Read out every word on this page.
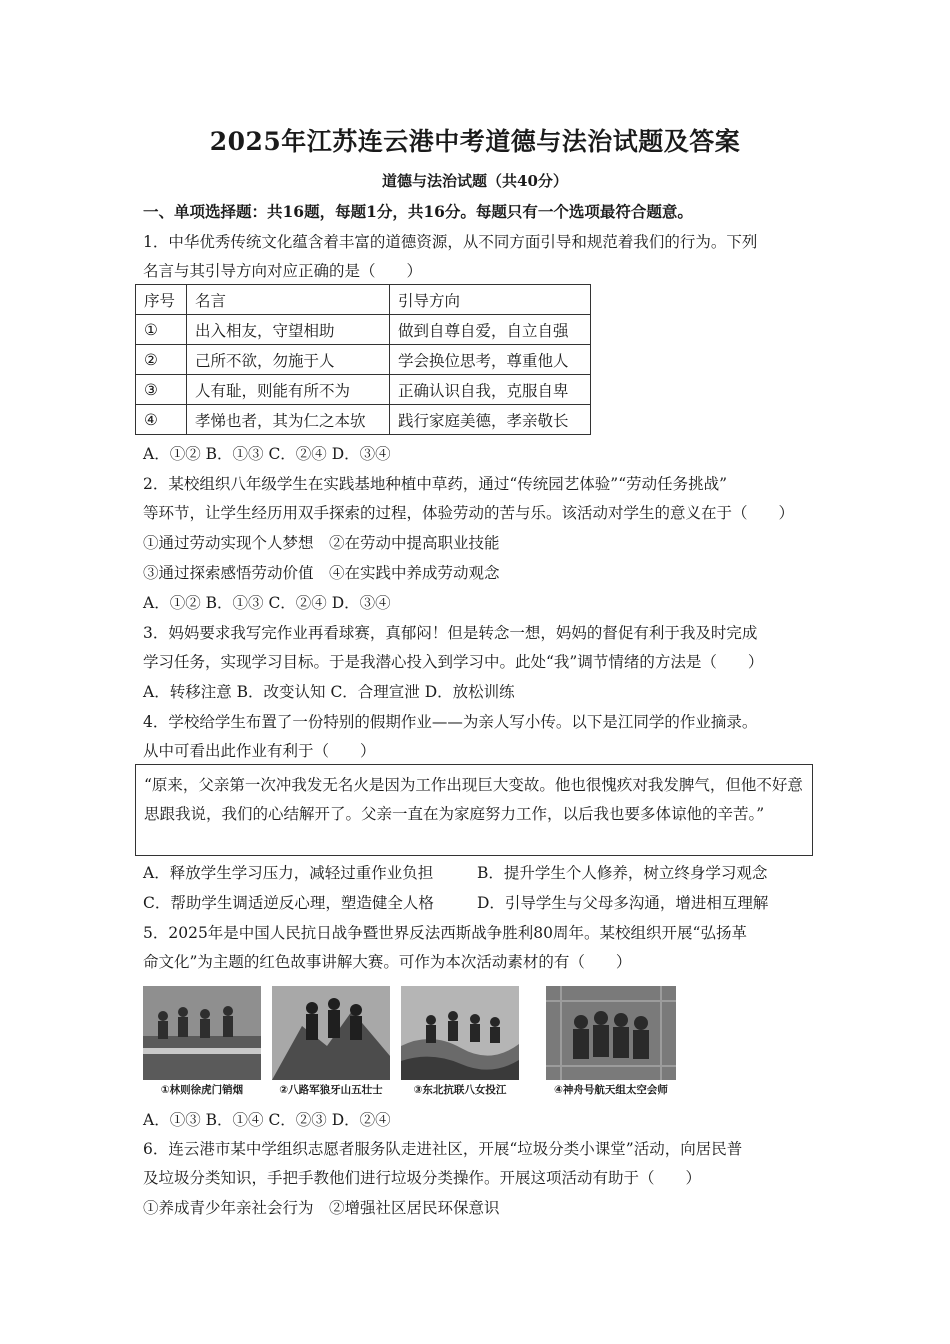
2025年江苏连云港中考道德与法治试题及答案
道德与法治试题（共40分）
一、单项选择题：共16题，每题1分，共16分。每题只有一个选项最符合题意。
1．中华优秀传统文化蕴含着丰富的道德资源，从不同方面引导和规范着我们的行为。下列
名言与其引导方向对应正确的是（　　）
序号	名言	引导方向
①	出入相友，守望相助	做到自尊自爱，自立自强
②	己所不欲，勿施于人	学会换位思考，尊重他人
③	人有耻，则能有所不为	正确认识自我，克服自卑
④	孝悌也者，其为仁之本欤	践行家庭美德，孝亲敬长
A．①② B．①③ C．②④ D．③④
2．某校组织八年级学生在实践基地种植中草药，通过“传统园艺体验”“劳动任务挑战”
等环节，让学生经历用双手探索的过程，体验劳动的苦与乐。该活动对学生的意义在于（　　）
①通过劳动实现个人梦想　②在劳动中提高职业技能
③通过探索感悟劳动价值　④在实践中养成劳动观念
A．①② B．①③ C．②④ D．③④
3．妈妈要求我写完作业再看球赛，真郁闷！但是转念一想，妈妈的督促有利于我及时完成
学习任务，实现学习目标。于是我潜心投入到学习中。此处“我”调节情绪的方法是（　　）
A．转移注意 B．改变认知 C．合理宣泄 D．放松训练
4．学校给学生布置了一份特别的假期作业——为亲人写小传。以下是江同学的作业摘录。
从中可看出此作业有利于（　　）
“原来，父亲第一次冲我发无名火是因为工作出现巨大变故。他也很愧疚对我发脾气，但他不好意思跟我说，我们的心结解开了。父亲一直在为家庭努力工作，以后我也要多体谅他的辛苦。”
A．释放学生学习压力，减轻过重作业负担	B．提升学生个人修养，树立终身学习观念
C．帮助学生调适逆反心理，塑造健全人格	D．引导学生与父母多沟通，增进相互理解
5．2025年是中国人民抗日战争暨世界反法西斯战争胜利80周年。某校组织开展“弘扬革
命文化”为主题的红色故事讲解大赛。可作为本次活动素材的有（　　）
①林则徐虎门销烟	②八路军狼牙山五壮士	③东北抗联八女投江	④神舟号航天组太空会师
A．①③ B．①④ C．②③ D．②④
6．连云港市某中学组织志愿者服务队走进社区，开展“垃圾分类小课堂”活动，向居民普
及垃圾分类知识，手把手教他们进行垃圾分类操作。开展这项活动有助于（　　）
①养成青少年亲社会行为　②增强社区居民环保意识
